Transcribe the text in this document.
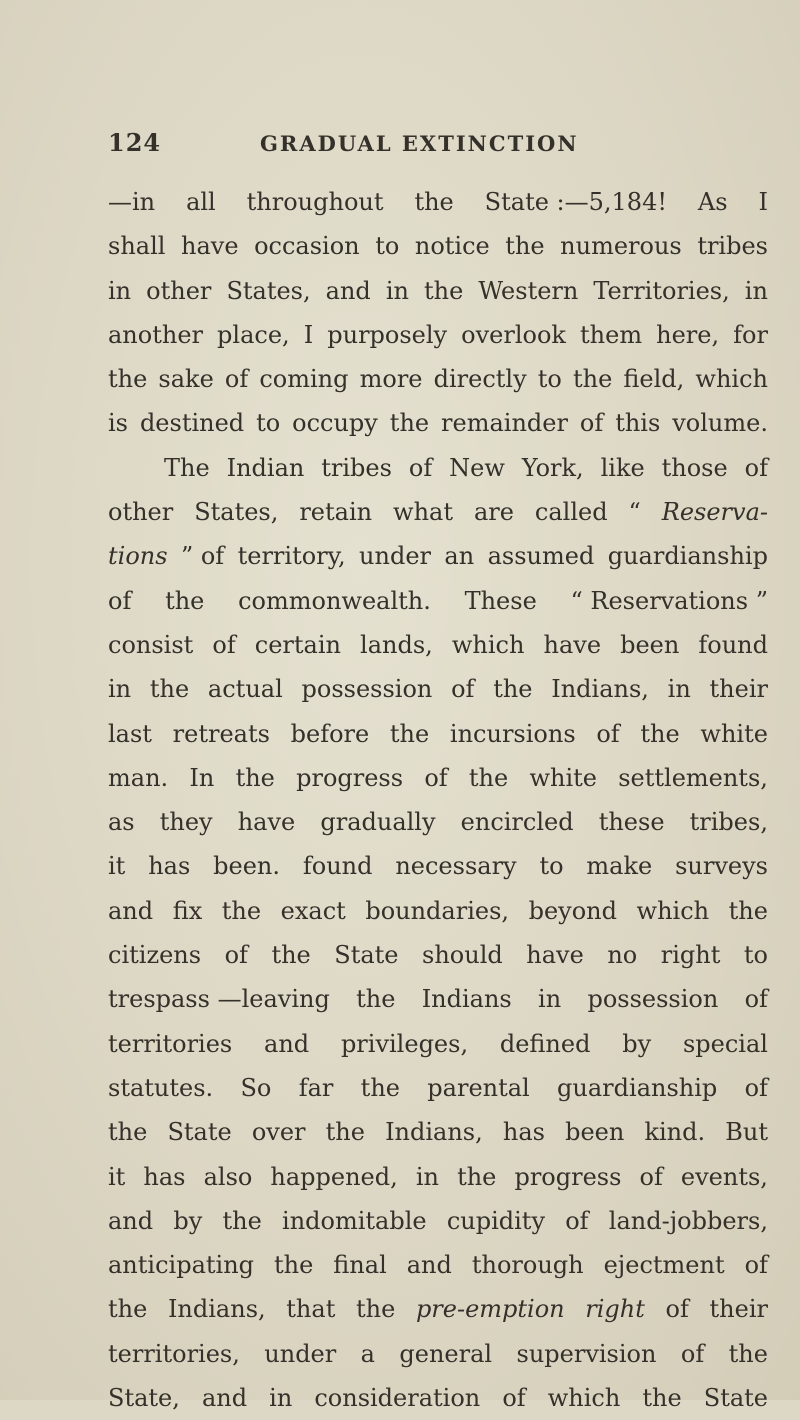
124	GRADUAL EXTINCTION
—in all throughout the State :—5,184! As I
shall have occasion to notice the numerous tribes
in other States, and in the Western Territories, in
another place, I purposely overlook them here, for
the sake of coming more directly to the field, which
is destined to occupy the remainder of this volume.
The Indian tribes of New York, like those of
other States, retain what are called “ Reserva-
tions ” of territory, under an assumed guardianship
of the commonwealth. These “ Reservations ”
consist of certain lands, which have been found
in the actual possession of the Indians, in their
last retreats before the incursions of the white
man. In the progress of the white settlements,
as they have gradually encircled these tribes,
it has been. found necessary to make surveys
and fix the exact boundaries, beyond which the
citizens of the State should have no right to
trespass —leaving the Indians in possession of
territories and privileges, defined by special
statutes. So far the parental guardianship of
the State over the Indians, has been kind. But
it has also happened, in the progress of events,
and by the indomitable cupidity of land-jobbers,
anticipating the final and thorough ejectment of
the Indians, that the pre-emption right of their
territories, under a general supervision of the
State, and in consideration of which the State
